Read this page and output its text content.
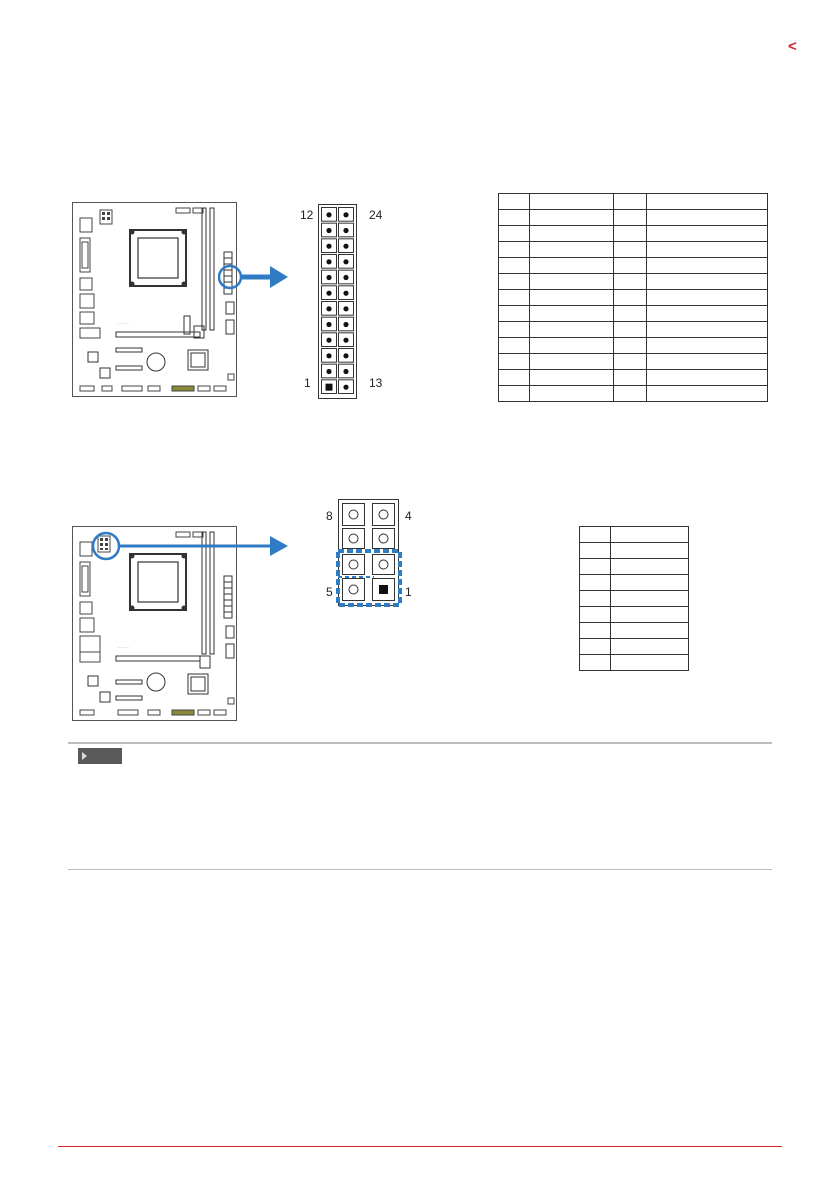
<
· · · ·
12	24
1	13

· · · ·
8	4
5	1
